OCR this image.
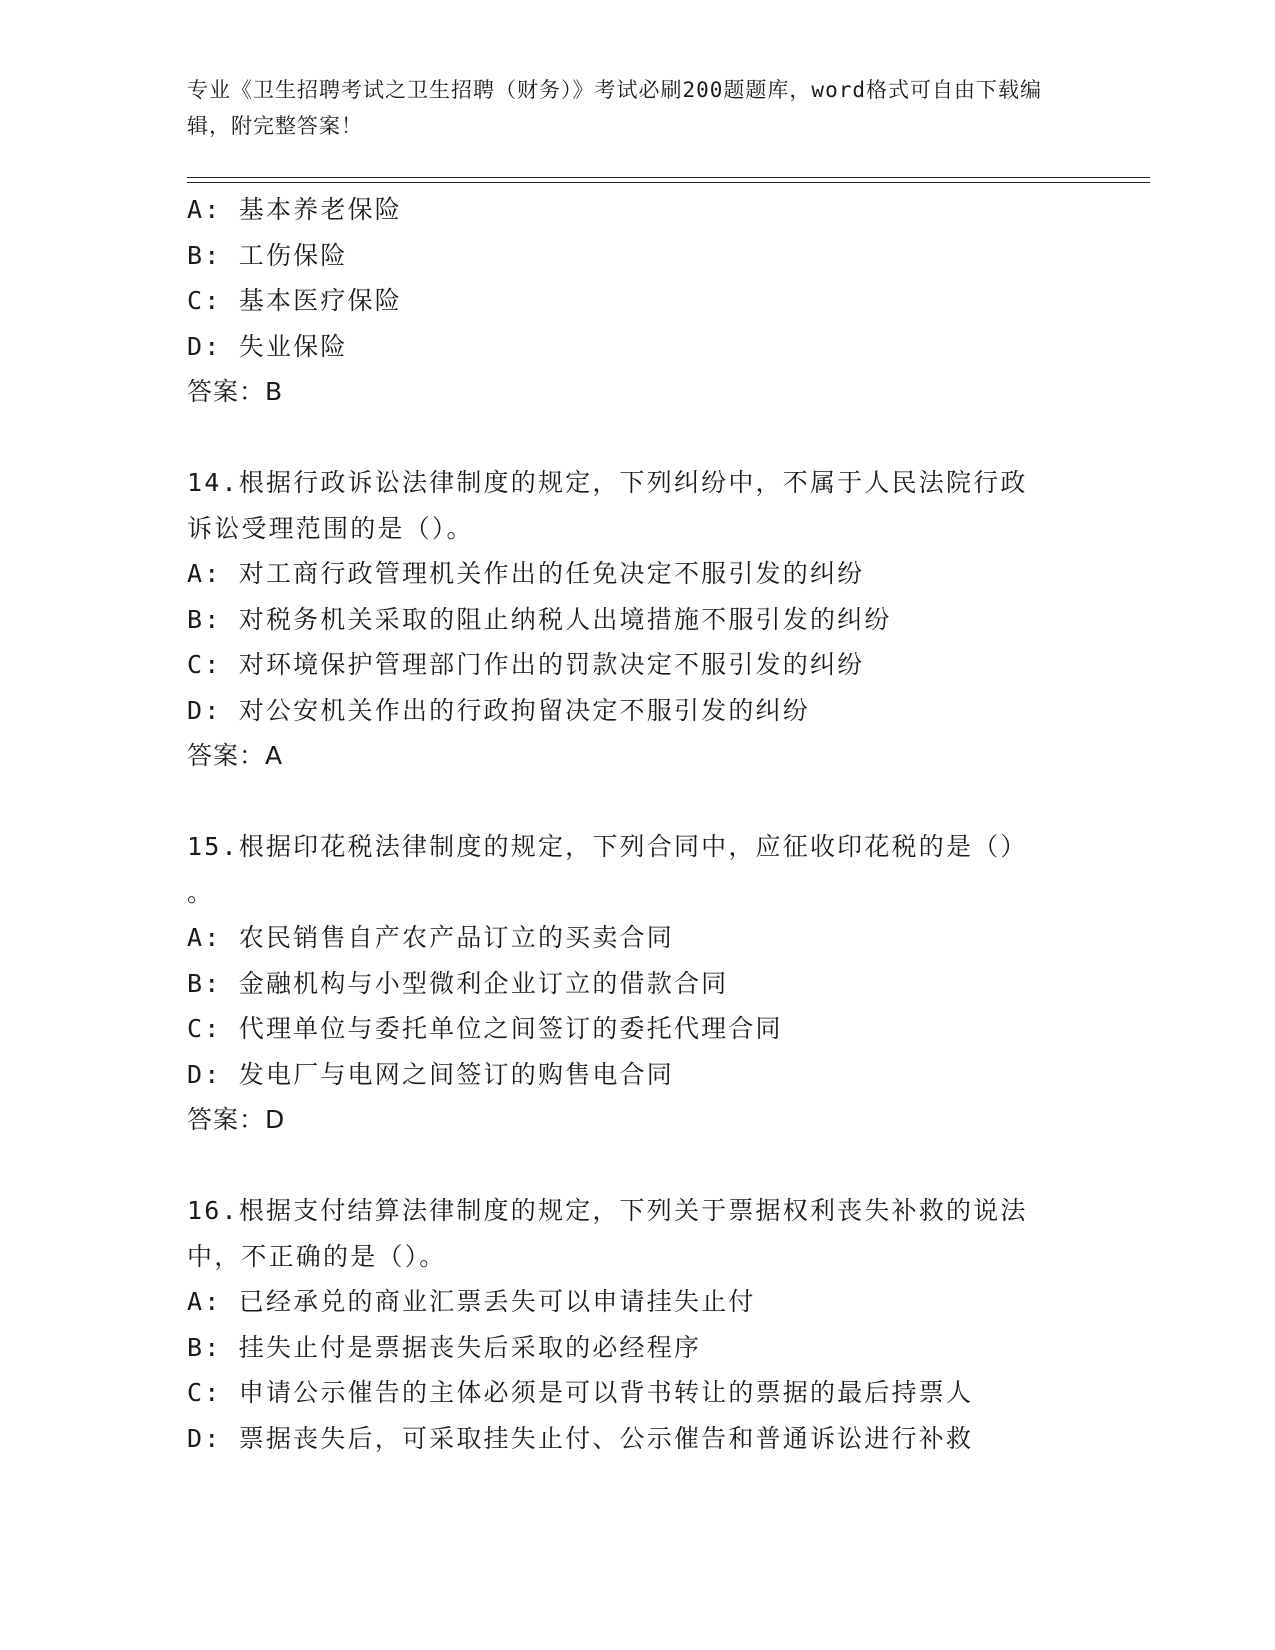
专业《卫生招聘考试之卫生招聘（财务）》考试必刷200题题库，word格式可自由下载编辑，附完整答案！
A: 基本养老保险
B: 工伤保险
C: 基本医疗保险
D: 失业保险
答案：B
14.根据行政诉讼法律制度的规定，下列纠纷中，不属于人民法院行政
诉讼受理范围的是（）。
A: 对工商行政管理机关作出的任免决定不服引发的纠纷
B: 对税务机关采取的阻止纳税人出境措施不服引发的纠纷
C: 对环境保护管理部门作出的罚款决定不服引发的纠纷
D: 对公安机关作出的行政拘留决定不服引发的纠纷
答案：A
15.根据印花税法律制度的规定，下列合同中，应征收印花税的是（）
。
A: 农民销售自产农产品订立的买卖合同
B: 金融机构与小型微利企业订立的借款合同
C: 代理单位与委托单位之间签订的委托代理合同
D: 发电厂与电网之间签订的购售电合同
答案：D
16.根据支付结算法律制度的规定，下列关于票据权利丧失补救的说法
中，不正确的是（）。
A: 已经承兑的商业汇票丢失可以申请挂失止付
B: 挂失止付是票据丧失后采取的必经程序
C: 申请公示催告的主体必须是可以背书转让的票据的最后持票人
D: 票据丧失后，可采取挂失止付、公示催告和普通诉讼进行补救
